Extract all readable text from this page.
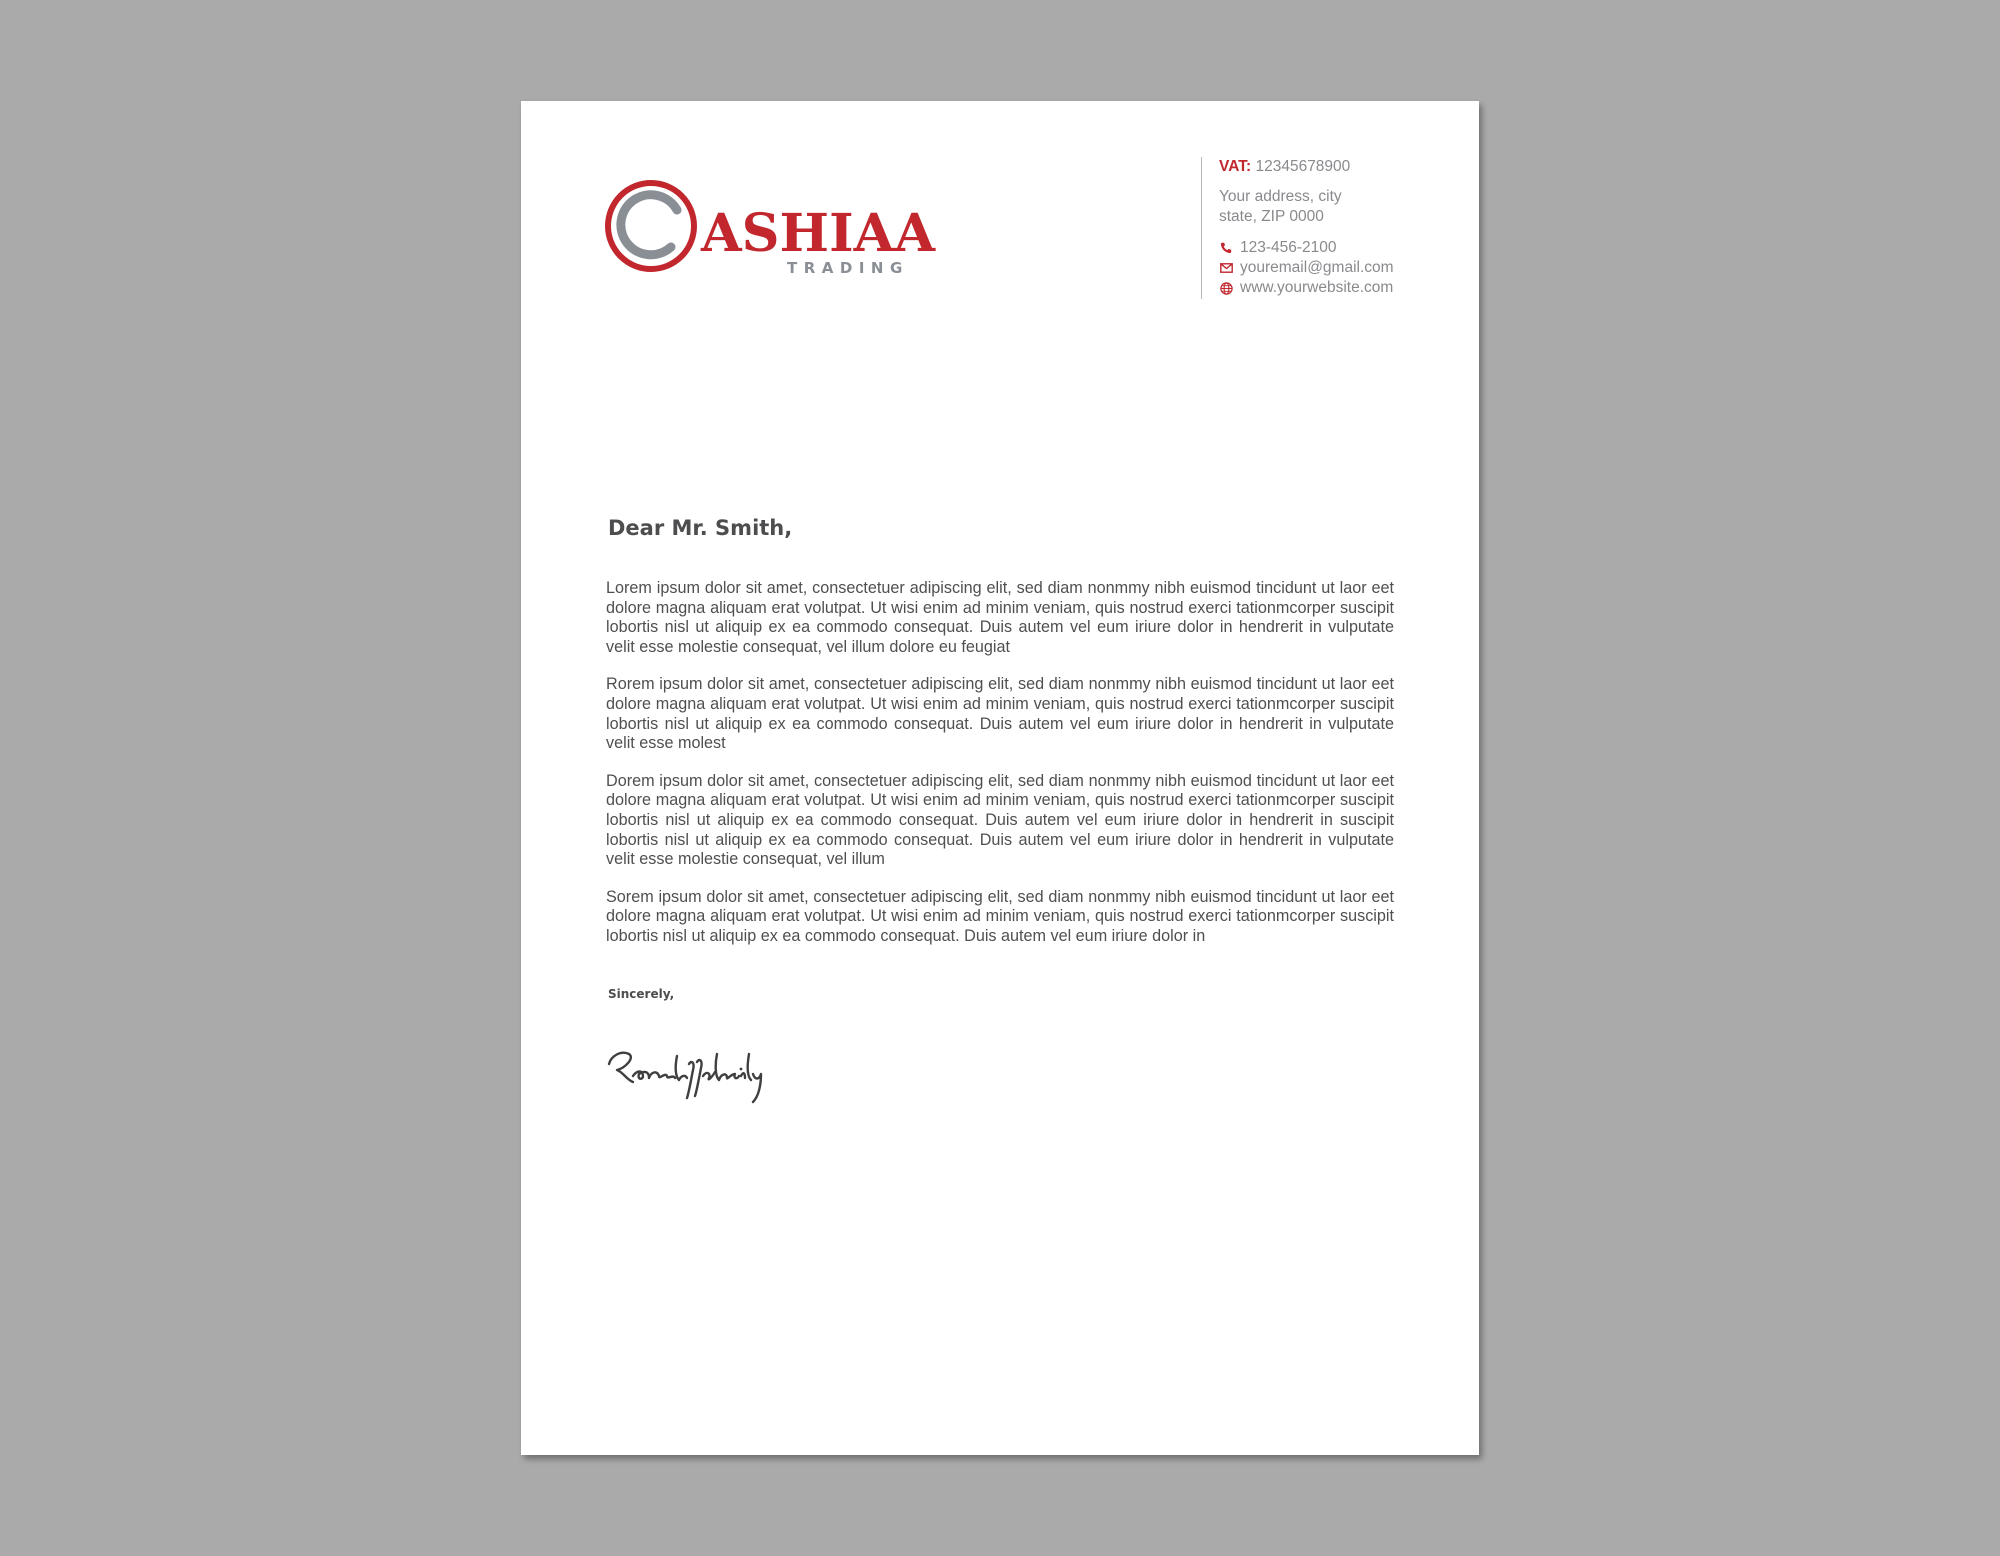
ASHIAA
TRADING
VAT: 12345678900
Your address, city
state, ZIP 0000
123-456-2100
youremail@gmail.com
www.yourwebsite.com
Dear Mr. Smith,

Lorem ipsum dolor sit amet, consectetuer adipiscing elit, sed diam nonmmy nibh euismod tincidunt ut laor eet dolore magna aliquam erat volutpat. Ut wisi enim ad minim veniam, quis nostrud exerci tationmcorper suscipit lobortis nisl ut aliquip ex ea commodo consequat. Duis autem vel eum iriure dolor in hendrerit in vulputate velit esse molestie consequat, vel illum dolore eu feugiat

Rorem ipsum dolor sit amet, consectetuer adipiscing elit, sed diam nonmmy nibh euismod tincidunt ut laor eet dolore magna aliquam erat volutpat. Ut wisi enim ad minim veniam, quis nostrud exerci tationmcorper suscipit lobortis nisl ut aliquip ex ea commodo consequat. Duis autem vel eum iriure dolor in hendrerit in vulputate velit esse molest

Dorem ipsum dolor sit amet, consectetuer adipiscing elit, sed diam nonmmy nibh euismod tincidunt ut laor eet dolore magna aliquam erat volutpat. Ut wisi enim ad minim veniam, quis nostrud exerci tationmcorper suscipit lobortis nisl ut aliquip ex ea commodo consequat. Duis autem vel eum iriure dolor in hendrerit in suscipit lobortis nisl ut aliquip ex ea commodo consequat. Duis autem vel eum iriure dolor in hendrerit in vulputate velit esse molestie consequat, vel illum

Sorem ipsum dolor sit amet, consectetuer adipiscing elit, sed diam nonmmy nibh euismod tincidunt ut laor eet dolore magna aliquam erat volutpat. Ut wisi enim ad minim veniam, quis nostrud exerci tationmcorper suscipit lobortis nisl ut aliquip ex ea commodo consequat. Duis autem vel eum iriure dolor in

Sincerely,
